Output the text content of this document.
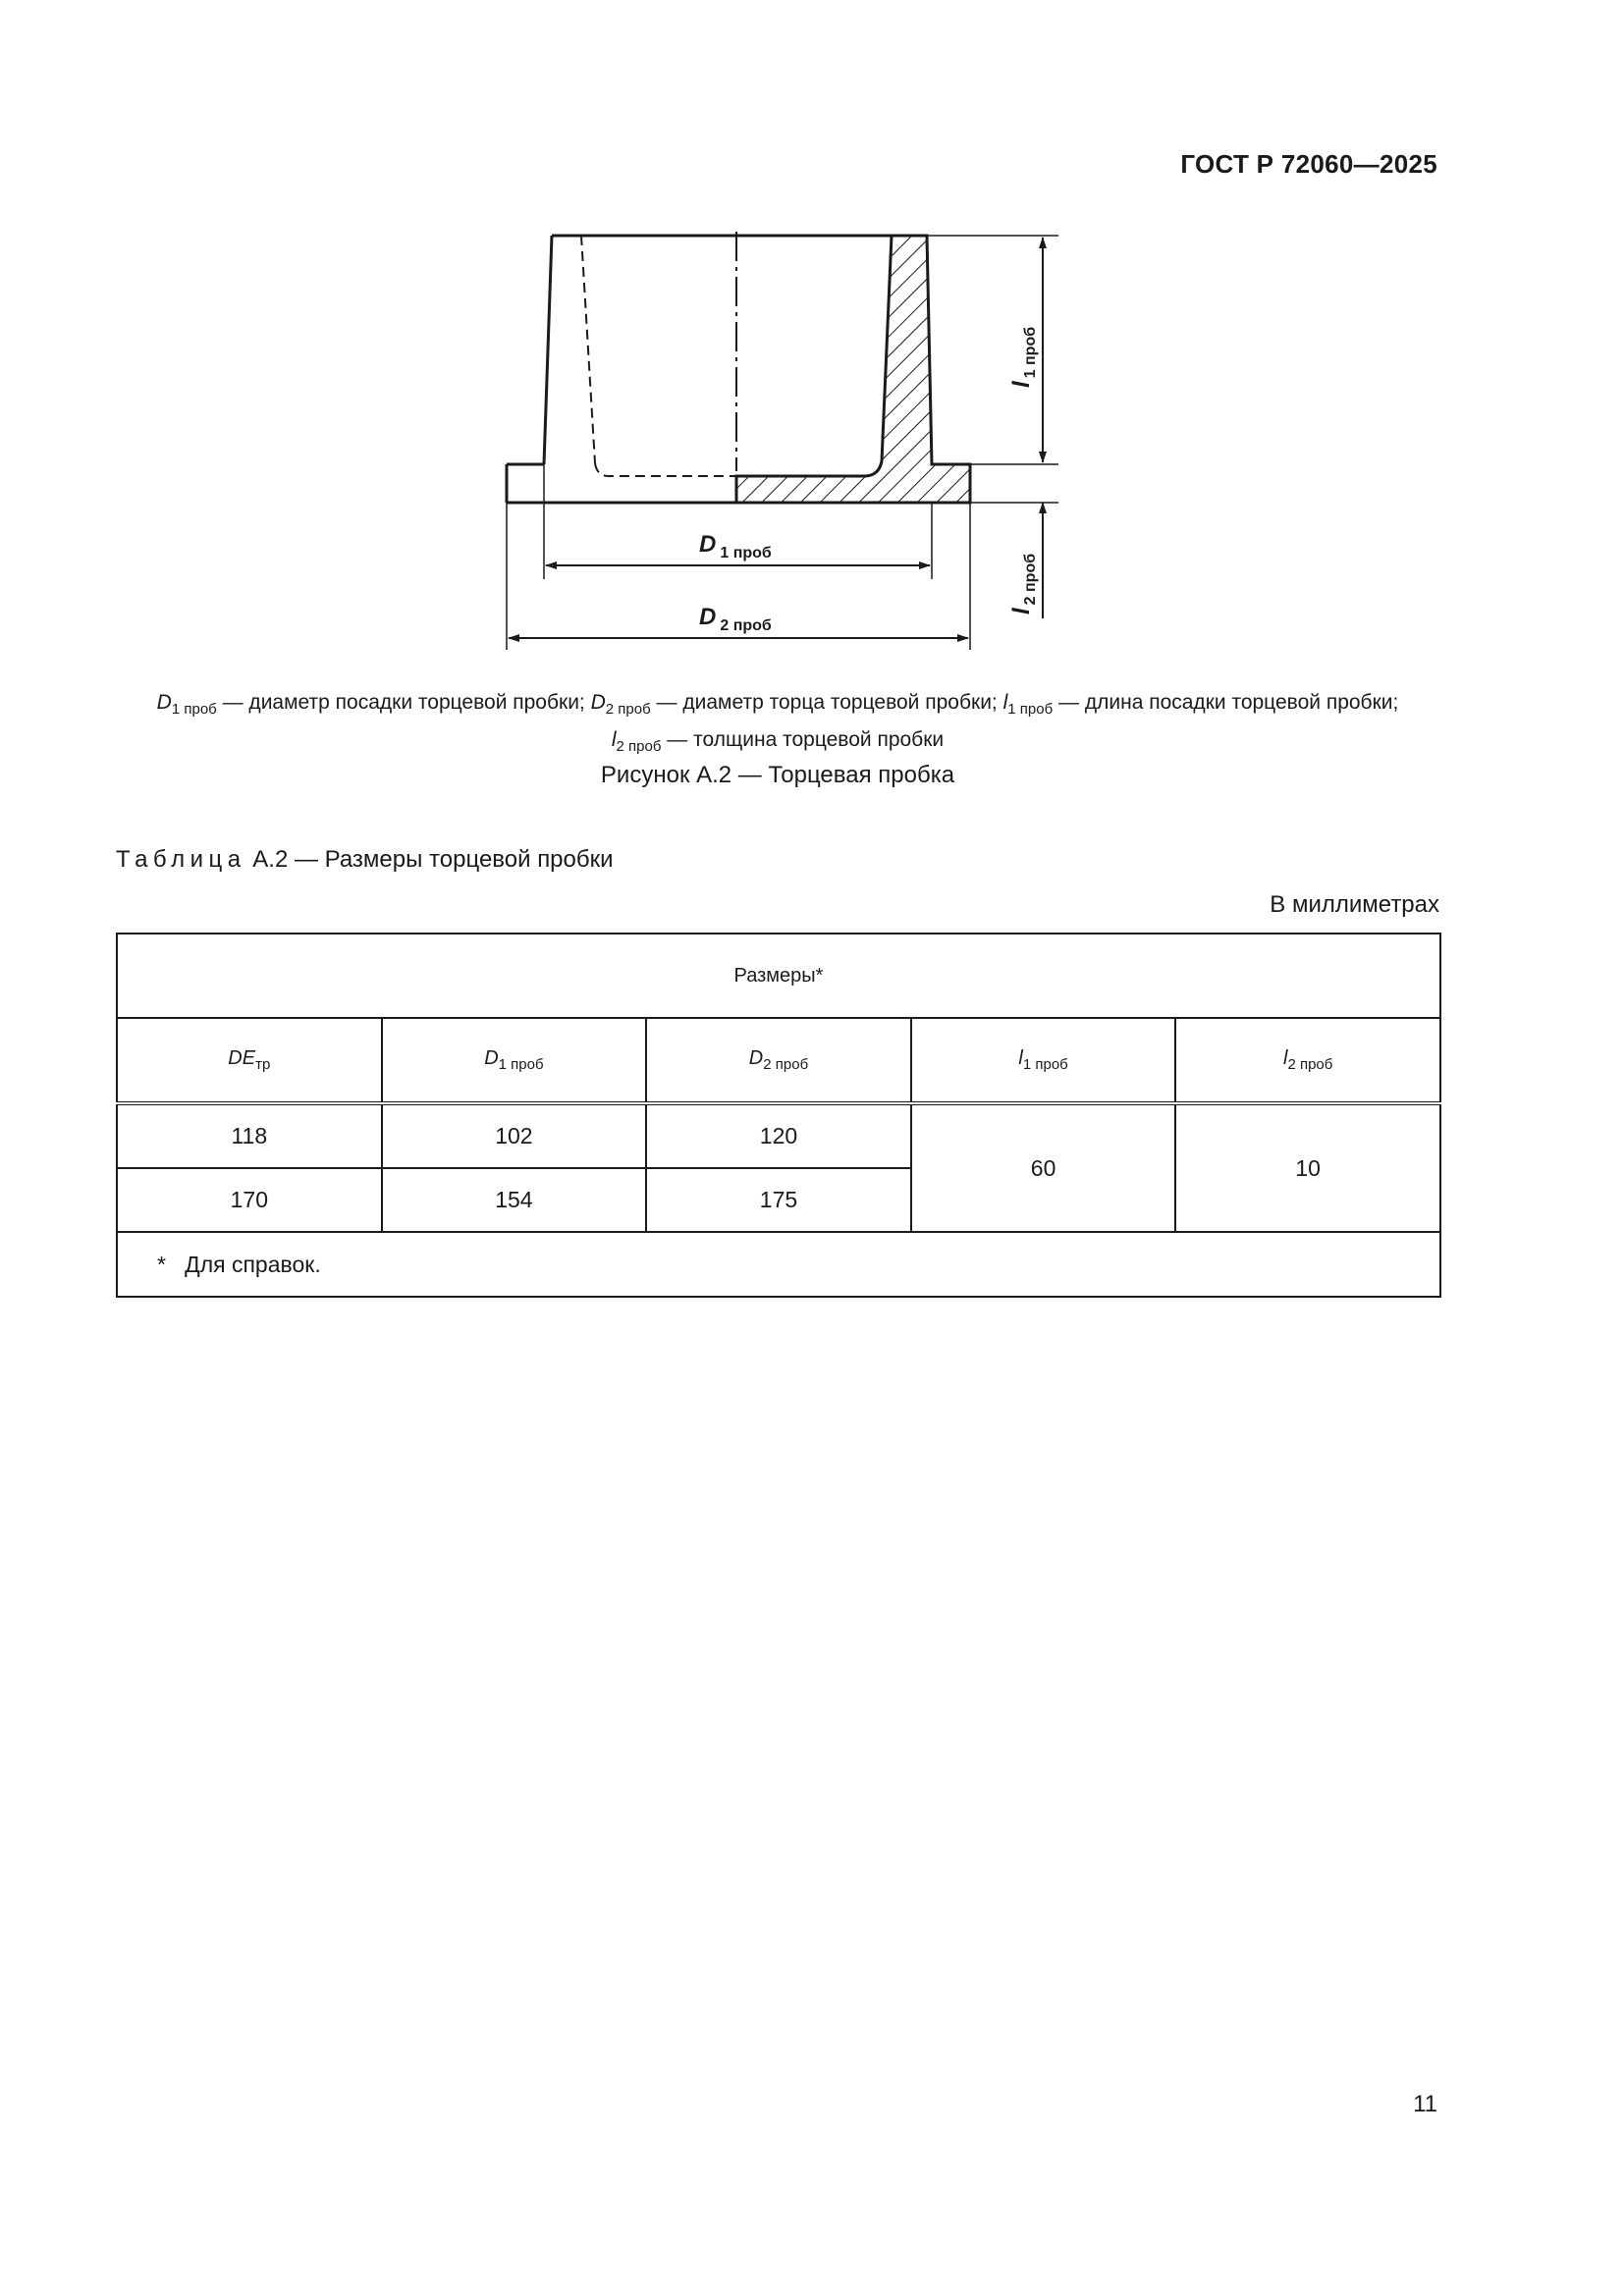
ГОСТ Р 72060—2025
D $_{1 проб}$
D $_{2 проб}$
$l_{1 проб}$
$l_{2 проб}$
$D_{1 проб}$ — диаметр посадки торцевой пробки; $D_{2 проб}$ — диаметр торца торцевой пробки; $l_{1 проб}$ — длина посадки торцевой пробки;
$l_{2 проб}$ — толщина торцевой пробки
Рисунок А.2 — Торцевая пробка
Таблица А.2 — Размеры торцевой пробки
В миллиметрах
Размеры*				
$DE_{тр}$	$D_{1 проб}$	$D_{2 проб}$	$l_{1 проб}$	$l_{2 проб}$
118	102	120	60	10
170	154	175		
*   Для справок.				
11
